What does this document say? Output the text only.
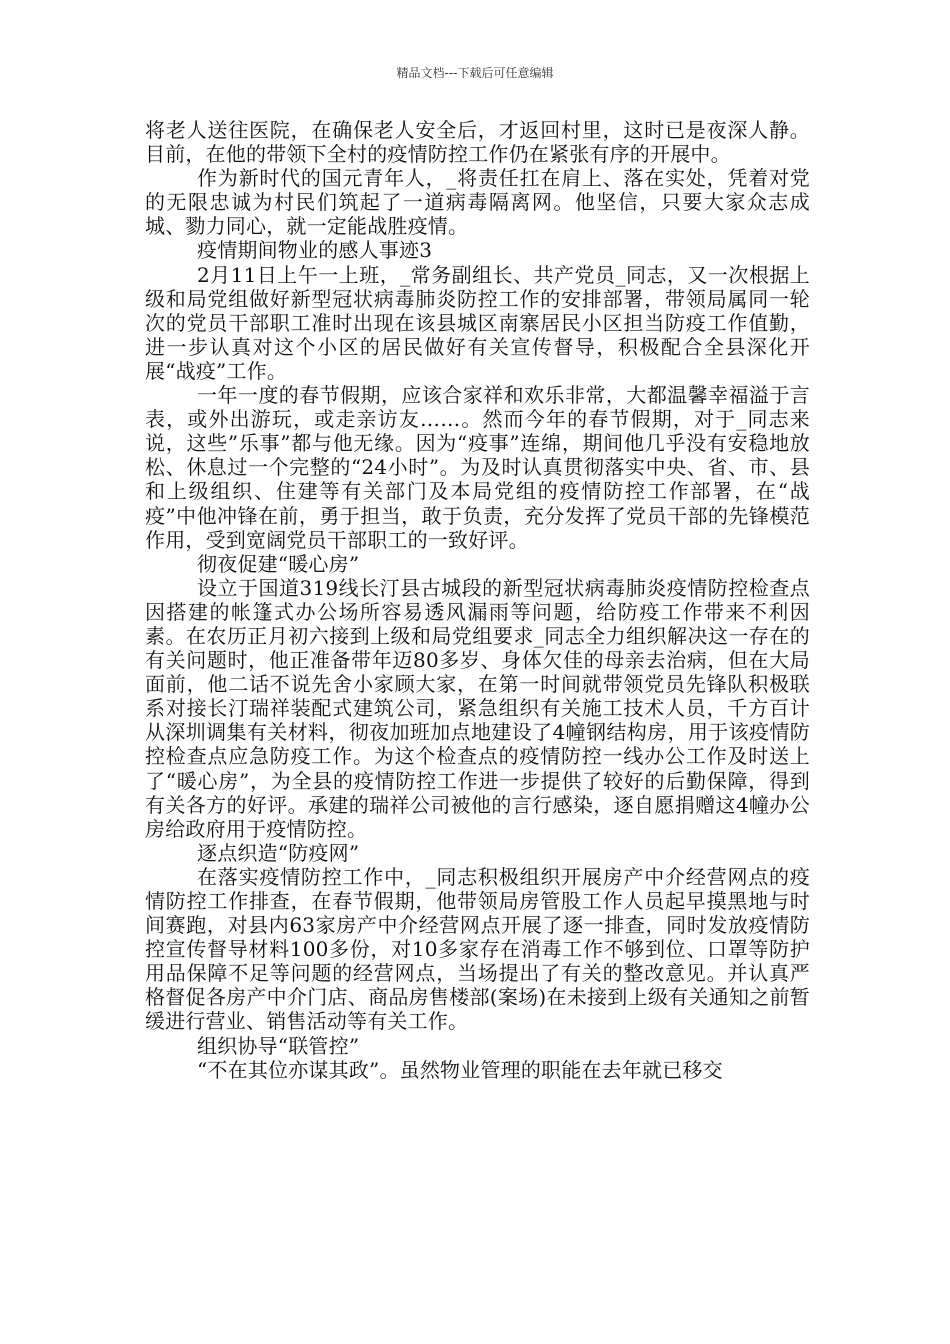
精品文档---下载后可任意编辑

将老人送往医院，在确保老人安全后，才返回村里，这时已是夜深人静。目前，在他的带领下全村的疫情防控工作仍在紧张有序的开展中。

作为新时代的国元青年人，_将责任扛在肩上、落在实处，凭着对党的无限忠诚为村民们筑起了一道病毒隔离网。他坚信，只要大家众志成城、勠力同心，就一定能战胜疫情。

疫情期间物业的感人事迹3

2月11日上午一上班，_常务副组长、共产党员_同志，又一次根据上级和局党组做好新型冠状病毒肺炎防控工作的安排部署，带领局属同一轮次的党员干部职工准时出现在该县城区南寨居民小区担当防疫工作值勤，进一步认真对这个小区的居民做好有关宣传督导，积极配合全县深化开展“战疫”工作。

一年一度的春节假期，应该合家祥和欢乐非常，大都温馨幸福溢于言表，或外出游玩，或走亲访友……。然而今年的春节假期，对于_同志来说，这些”乐事”都与他无缘。因为“疫事”连绵，期间他几乎没有安稳地放松、休息过一个完整的“24小时”。为及时认真贯彻落实中央、省、市、县和上级组织、住建等有关部门及本局党组的疫情防控工作部署，在“战疫”中他冲锋在前，勇于担当，敢于负责，充分发挥了党员干部的先锋模范作用，受到宽阔党员干部职工的一致好评。

彻夜促建“暖心房”

设立于国道319线长汀县古城段的新型冠状病毒肺炎疫情防控检查点因搭建的帐篷式办公场所容易透风漏雨等问题，给防疫工作带来不利因素。在农历正月初六接到上级和局党组要求_同志全力组织解决这一存在的有关问题时，他正准备带年迈80多岁、身体欠佳的母亲去治病，但在大局面前，他二话不说先舍小家顾大家，在第一时间就带领党员先锋队积极联系对接长汀瑞祥装配式建筑公司，紧急组织有关施工技术人员，千方百计从深圳调集有关材料，彻夜加班加点地建设了4幢钢结构房，用于该疫情防控检查点应急防疫工作。为这个检查点的疫情防控一线办公工作及时送上了“暖心房”，为全县的疫情防控工作进一步提供了较好的后勤保障，得到有关各方的好评。承建的瑞祥公司被他的言行感染，逐自愿捐赠这4幢办公房给政府用于疫情防控。

逐点织造“防疫网”

在落实疫情防控工作中，_同志积极组织开展房产中介经营网点的疫情防控工作排查，在春节假期，他带领局房管股工作人员起早摸黑地与时间赛跑，对县内63家房产中介经营网点开展了逐一排查，同时发放疫情防控宣传督导材料100多份，对10多家存在消毒工作不够到位、口罩等防护用品保障不足等问题的经营网点，当场提出了有关的整改意见。并认真严格督促各房产中介门店、商品房售楼部(案场)在未接到上级有关通知之前暂缓进行营业、销售活动等有关工作。

组织协导“联管控”

“不在其位亦谋其政”。虽然物业管理的职能在去年就已移交
